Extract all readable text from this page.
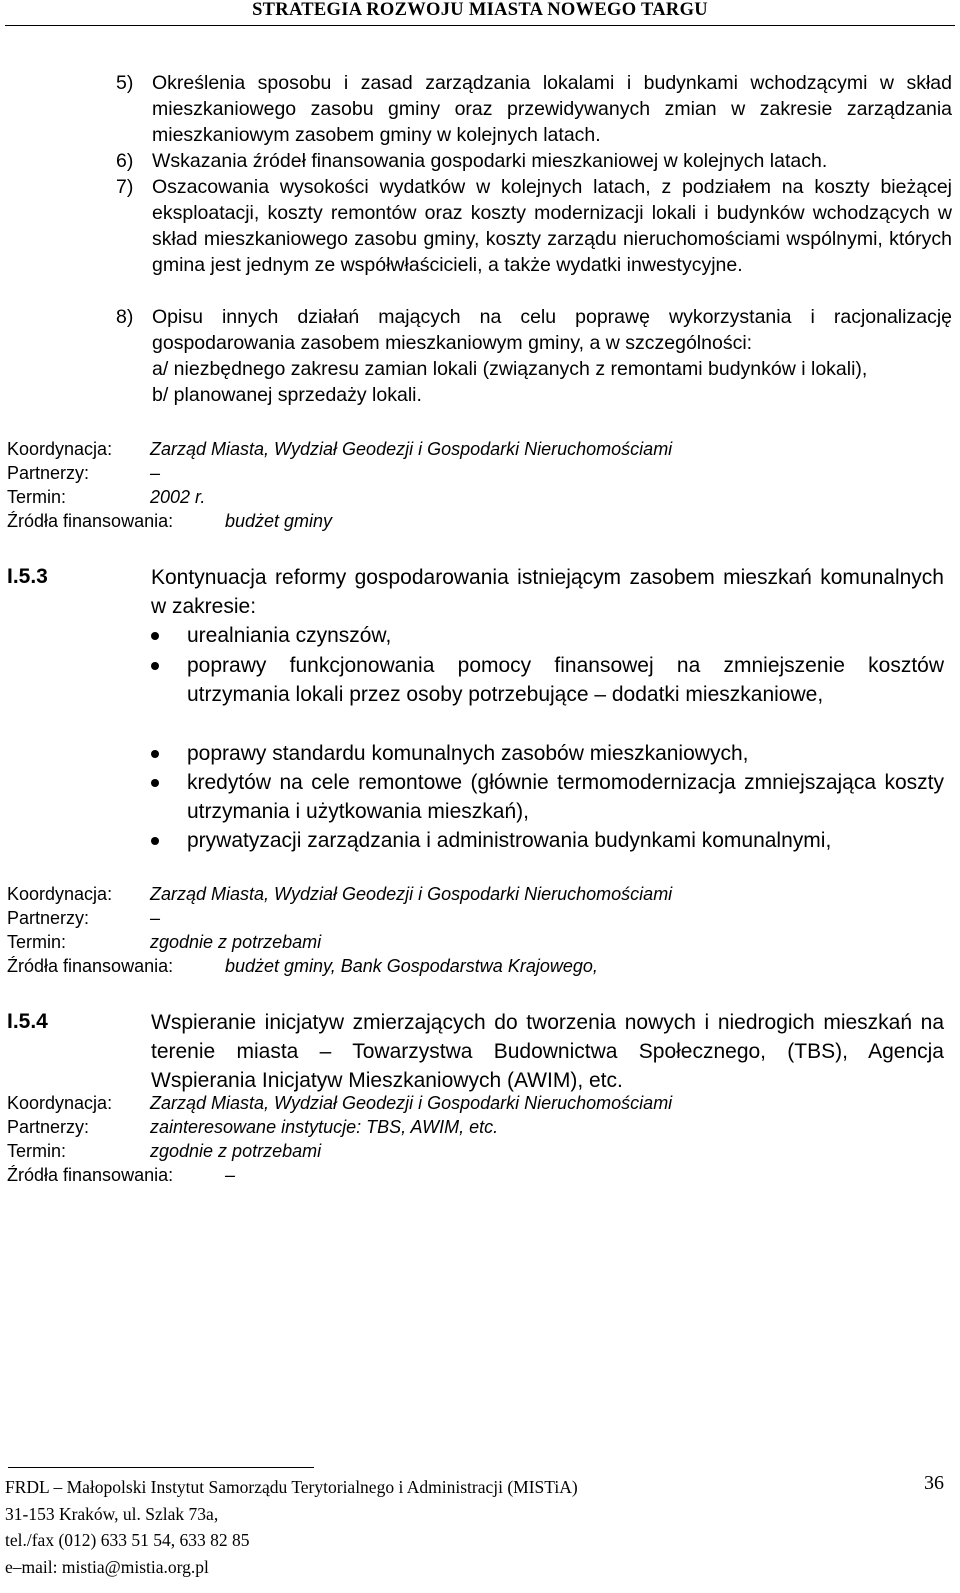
STRATEGIA ROZWOJU MIASTA NOWEGO TARGU
5) Określenia sposobu i zasad zarządzania lokalami i budynkami wchodzącymi w skład mieszkaniowego zasobu gminy oraz przewidywanych zmian w zakresie zarządzania mieszkaniowym zasobem gminy w kolejnych latach.
6) Wskazania źródeł finansowania gospodarki mieszkaniowej w kolejnych latach.
7) Oszacowania wysokości wydatków w kolejnych latach, z podziałem na koszty bieżącej eksploatacji, koszty remontów oraz koszty modernizacji lokali i budynków wchodzących w skład mieszkaniowego zasobu gminy, koszty zarządu nieruchomościami wspólnymi, których gmina jest jednym ze współwłaścicieli, a także wydatki inwestycyjne.
8) Opisu innych działań mających na celu poprawę wykorzystania i racjonalizację gospodarowania zasobem mieszkaniowym gminy, a w szczególności:
a/ niezbędnego zakresu zamian lokali (związanych z remontami budynków i lokali),
b/ planowanej sprzedaży lokali.
Koordynacja: Zarząd Miasta, Wydział Geodezji i Gospodarki Nieruchomościami
Partnerzy:	–
Termin:	2002 r.
Źródła finansowania:	budżet gminy
I.5.3	Kontynuacja reformy gospodarowania istniejącym zasobem mieszkań komunalnych w zakresie:
urealniania czynszów,
poprawy funkcjonowania pomocy finansowej na zmniejszenie kosztów utrzymania lokali przez osoby potrzebujące – dodatki mieszkaniowe,
poprawy standardu komunalnych zasobów mieszkaniowych,
kredytów na cele remontowe (głównie termomodernizacja zmniejszająca koszty utrzymania i użytkowania mieszkań),
prywatyzacji zarządzania i administrowania budynkami komunalnymi,
Koordynacja: Zarząd Miasta, Wydział Geodezji i Gospodarki Nieruchomościami
Partnerzy:	–
Termin:	zgodnie z potrzebami
Źródła finansowania:	budżet gminy, Bank Gospodarstwa Krajowego,
I.5.4	Wspieranie inicjatyw zmierzających do tworzenia nowych i niedrogich mieszkań na terenie miasta – Towarzystwa Budownictwa Społecznego, (TBS), Agencja Wspierania Inicjatyw Mieszkaniowych (AWIM), etc.
Koordynacja: Zarząd Miasta, Wydział Geodezji i Gospodarki Nieruchomościami
Partnerzy:	zainteresowane instytucje: TBS, AWIM, etc.
Termin:	zgodnie z potrzebami
Źródła finansowania:	–
FRDL – Małopolski Instytut Samorządu Terytorialnego i Administracji (MISTiA)
31-153 Kraków, ul. Szlak 73a,
tel./fax (012) 633 51 54, 633 82 85
e–mail: mistia@mistia.org.pl
36
